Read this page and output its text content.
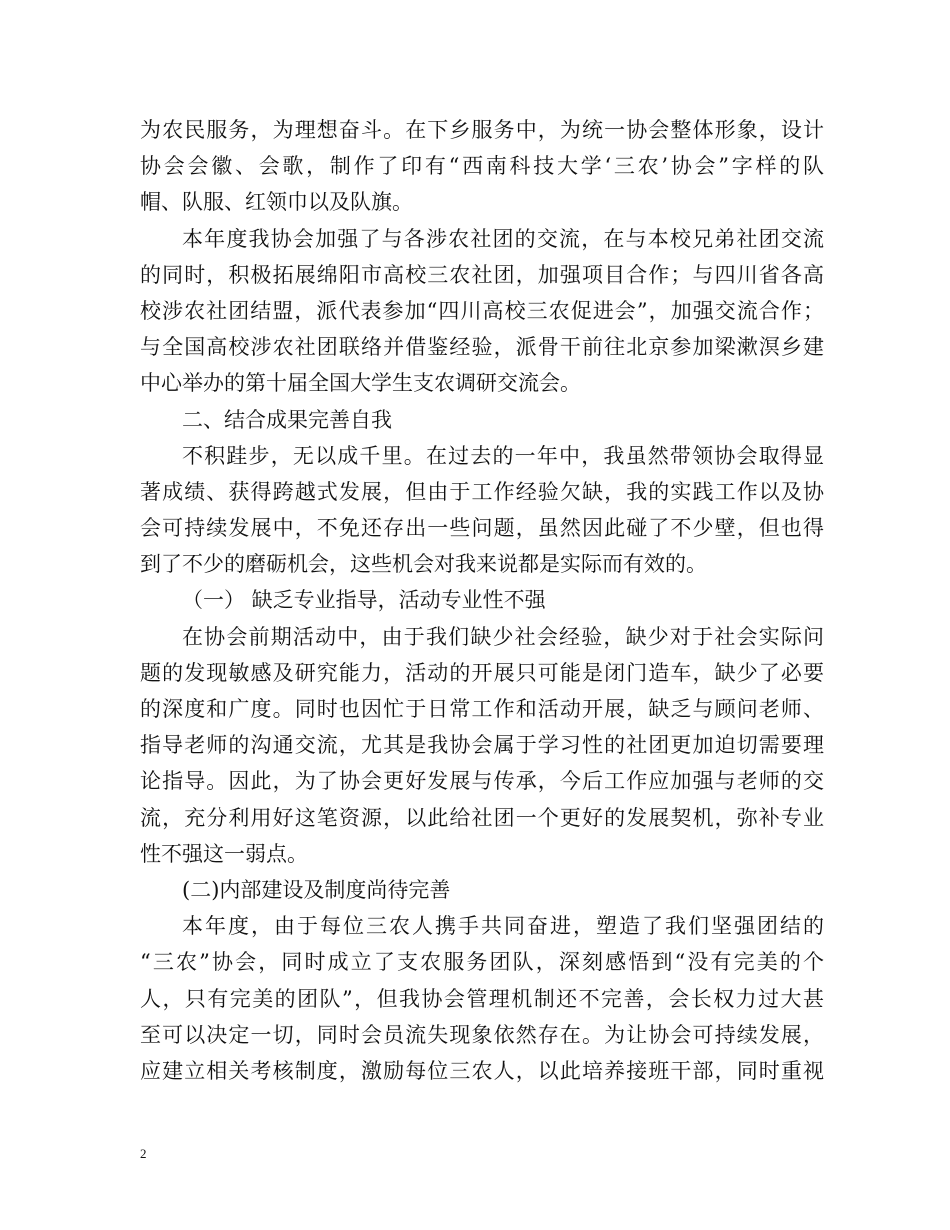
为农民服务，为理想奋斗。在下乡服务中，为统一协会整体形象，设计
协会会徽、会歌，制作了印有“西南科技大学‘三农’协会”字样的队
帽、队服、红领巾以及队旗。
本年度我协会加强了与各涉农社团的交流，在与本校兄弟社团交流
的同时，积极拓展绵阳市高校三农社团，加强项目合作；与四川省各高
校涉农社团结盟，派代表参加“四川高校三农促进会”，加强交流合作；
与全国高校涉农社团联络并借鉴经验，派骨干前往北京参加梁漱溟乡建
中心举办的第十届全国大学生支农调研交流会。
二、结合成果完善自我
不积跬步，无以成千里。在过去的一年中，我虽然带领协会取得显
著成绩、获得跨越式发展，但由于工作经验欠缺，我的实践工作以及协
会可持续发展中，不免还存出一些问题，虽然因此碰了不少壁，但也得
到了不少的磨砺机会，这些机会对我来说都是实际而有效的。
（一） 缺乏专业指导，活动专业性不强
在协会前期活动中，由于我们缺少社会经验，缺少对于社会实际问
题的发现敏感及研究能力，活动的开展只可能是闭门造车，缺少了必要
的深度和广度。同时也因忙于日常工作和活动开展，缺乏与顾问老师、
指导老师的沟通交流，尤其是我协会属于学习性的社团更加迫切需要理
论指导。因此，为了协会更好发展与传承，今后工作应加强与老师的交
流，充分利用好这笔资源，以此给社团一个更好的发展契机，弥补专业
性不强这一弱点。
(二)内部建设及制度尚待完善
本年度，由于每位三农人携手共同奋进，塑造了我们坚强团结的
“三农”协会，同时成立了支农服务团队，深刻感悟到“没有完美的个
人，只有完美的团队”，但我协会管理机制还不完善，会长权力过大甚
至可以决定一切，同时会员流失现象依然存在。为让协会可持续发展，
应建立相关考核制度，激励每位三农人，以此培养接班干部，同时重视
2
